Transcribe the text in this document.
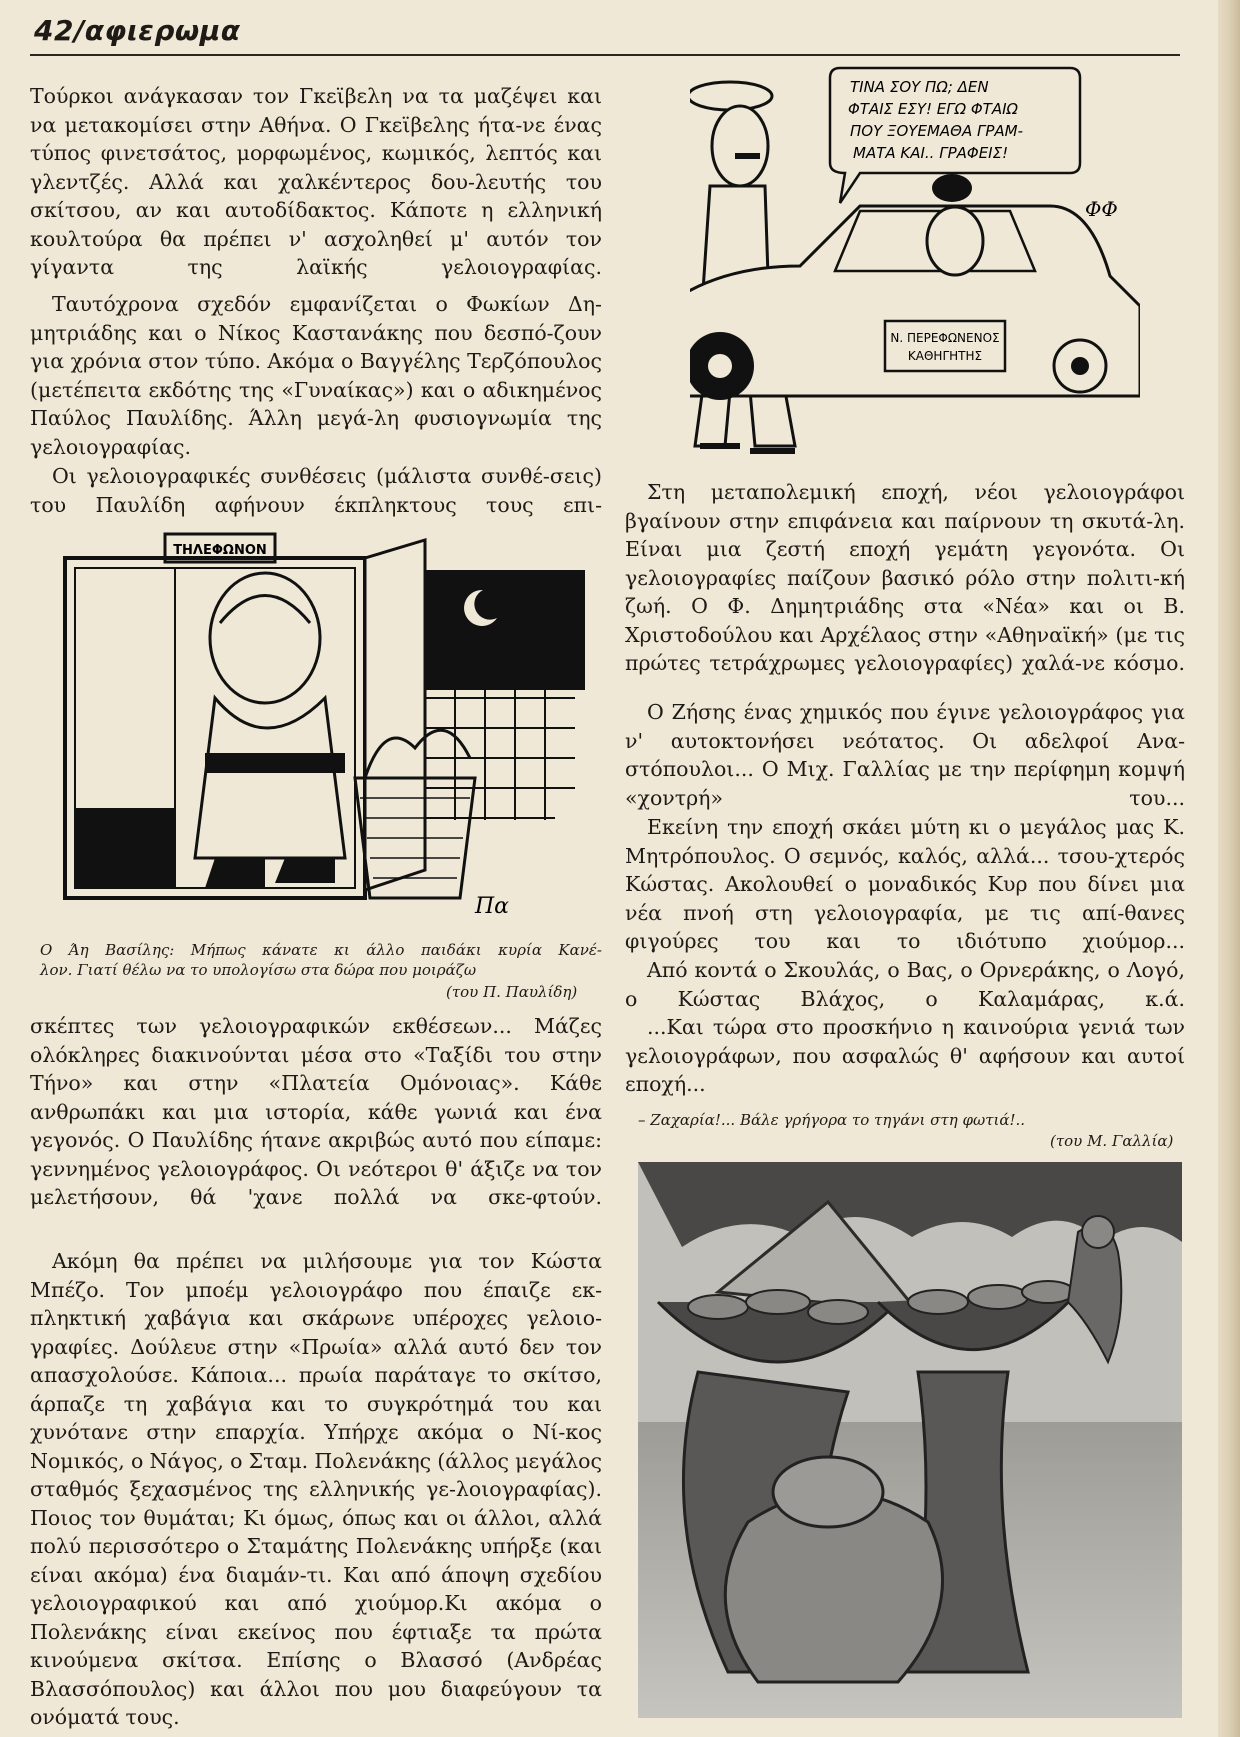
42/αφιερωμα

Τούρκοι ανάγκασαν τον Γκεϊβελη να τα μαζέψει και να μετακομίσει στην Αθήνα. Ο Γκεϊβελης ήτα-νε ένας τύπος φινετσάτος, μορφωμένος, κωμικός, λεπτός και γλεντζές. Αλλά και χαλκέντερος δου-λευτής του σκίτσου, αν και αυτοδίδακτος. Κάποτε η ελληνική κουλτούρα θα πρέπει ν' ασχοληθεί μ' αυτόν τον γίγαντα της λαϊκής γελοιογραφίας.

Ταυτόχρονα σχεδόν εμφανίζεται ο Φωκίων Δη-μητριάδης και ο Νίκος Καστανάκης που δεσπό-ζουν για χρόνια στον τύπο. Ακόμα ο Βαγγέλης Τερζόπουλος (μετέπειτα εκδότης της «Γυναίκας») και ο αδικημένος Παύλος Παυλίδης. Άλλη μεγά-λη φυσιογνωμία της γελοιογραφίας.

Οι γελοιογραφικές συνθέσεις (μάλιστα συνθέ-σεις) του Παυλίδη αφήνουν έκπληκτους τους επι-

ΤΗΛΕΦΩΝΟΝ
Πα
Ο Άη Βασίλης: Μήπως κάνατε κι άλλο παιδάκι κυρία Κανέ-
λον. Γιατί θέλω να το υπολογίσω στα δώρα που μοιράζω
(του Π. Παυλίδη)

σκέπτες των γελοιογραφικών εκθέσεων... Μάζες ολόκληρες διακινούνται μέσα στο «Ταξίδι του στην Τήνο» και στην «Πλατεία Ομόνοιας». Κάθε ανθρωπάκι και μια ιστορία, κάθε γωνιά και ένα γεγονός. Ο Παυλίδης ήτανε ακριβώς αυτό που είπαμε: γεννημένος γελοιογράφος. Οι νεότεροι θ' άξιζε να τον μελετήσουν, θά 'χανε πολλά να σκε-φτούν.

Ακόμη θα πρέπει να μιλήσουμε για τον Κώστα Μπέζο. Τον μποέμ γελοιογράφο που έπαιζε εκ-πληκτική χαβάγια και σκάρωνε υπέροχες γελοιο-γραφίες. Δούλευε στην «Πρωία» αλλά αυτό δεν τον απασχολούσε. Κάποια... πρωία παράταγε το σκίτσο, άρπαζε τη χαβάγια και το συγκρότημά του και χυνότανε στην επαρχία. Υπήρχε ακόμα ο Νί-κος Νομικός, ο Νάγος, ο Σταμ. Πολενάκης (άλλος μεγάλος σταθμός ξεχασμένος της ελληνικής γε-λοιογραφίας). Ποιος τον θυμάται; Κι όμως, όπως και οι άλλοι, αλλά πολύ περισσότερο ο Σταμάτης Πολενάκης υπήρξε (και είναι ακόμα) ένα διαμάν-τι. Και από άποψη σχεδίου γελοιογραφικού και από χιούμορ.Κι ακόμα ο Πολενάκης είναι εκείνος που έφτιαξε τα πρώτα κινούμενα σκίτσα. Επίσης ο Βλασσό (Ανδρέας Βλασσόπουλος) και άλλοι που μου διαφεύγουν τα ονόματά τους.

ΤΙΝΑ ΣΟΥ ΠΩ; ΔΕΝ
ΦΤΑΙΣ ΕΣΥ! ΕΓΩ ΦΤΑΙΩ
ΠΟΥ ΞΟΥΕΜΑΘΑ ΓΡΑΜ-
ΜΑΤΑ ΚΑΙ.. ΓΡΑΦΕΙΣ!
ΦΦ
Ν. ΠΕΡΕΦΩΝΕΝΟΣ
ΚΑΘΗΓΗΤΗΣ

Στη μεταπολεμική εποχή, νέοι γελοιογράφοι βγαίνουν στην επιφάνεια και παίρνουν τη σκυτά-λη. Είναι μια ζεστή εποχή γεμάτη γεγονότα. Οι γελοιογραφίες παίζουν βασικό ρόλο στην πολιτι-κή ζωή. Ο Φ. Δημητριάδης στα «Νέα» και οι Β. Χριστοδούλου και Αρχέλαος στην «Αθηναϊκή» (με τις πρώτες τετράχρωμες γελοιογραφίες) χαλά-νε κόσμο.

Ο Ζήσης ένας χημικός που έγινε γελοιογράφος για ν' αυτοκτονήσει νεότατος. Οι αδελφοί Ανα-στόπουλοι... Ο Μιχ. Γαλλίας με την περίφημη κομψή «χοντρή» του...

Εκείνη την εποχή σκάει μύτη κι ο μεγάλος μας Κ. Μητρόπουλος. Ο σεμνός, καλός, αλλά... τσου-χτερός Κώστας. Ακολουθεί ο μοναδικός Κυρ που δίνει μια νέα πνοή στη γελοιογραφία, με τις απί-θανες φιγούρες του και το ιδιότυπο χιούμορ...

Από κοντά ο Σκουλάς, ο Βας, ο Ορνεράκης, ο Λογό, ο Κώστας Βλάχος, ο Καλαμάρας, κ.ά.

...Και τώρα στο προσκήνιο η καινούρια γενιά των γελοιογράφων, που ασφαλώς θ' αφήσουν και αυτοί εποχή...

– Ζαχαρία!... Βάλε γρήγορα το τηγάνι στη φωτιά!..
(του Μ. Γαλλία)
